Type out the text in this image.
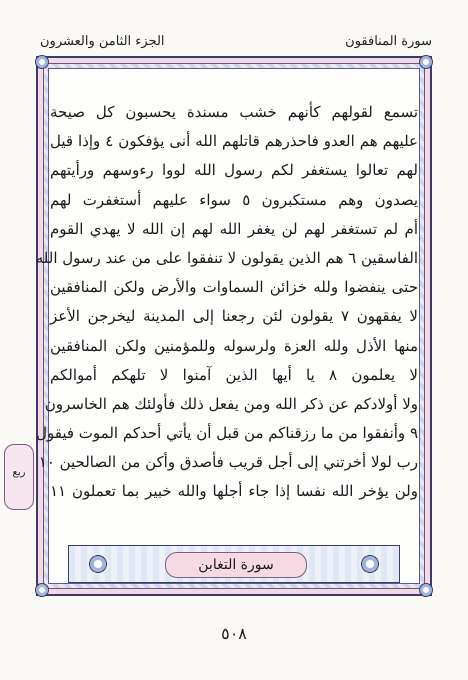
سورة المنافقون
الجزء الثامن والعشرون
تسمع لقولهم كأنهم خشب مسندة يحسبون كل صيحة
عليهم هم العدو فاحذرهم قاتلهم الله أنى يؤفكون ٤ وإذا قيل
لهم تعالوا يستغفر لكم رسول الله لووا رءوسهم ورأيتهم
يصدون وهم مستكبرون ٥ سواء عليهم أستغفرت لهم
أم لم تستغفر لهم لن يغفر الله لهم إن الله لا يهدي القوم
الفاسقين ٦ هم الذين يقولون لا تنفقوا على من عند رسول الله
حتى ينفضوا ولله خزائن السماوات والأرض ولكن المنافقين
لا يفقهون ٧ يقولون لئن رجعنا إلى المدينة ليخرجن الأعز
منها الأذل ولله العزة ولرسوله وللمؤمنين ولكن المنافقين
لا يعلمون ٨ يا أيها الذين آمنوا لا تلهكم أموالكم
ولا أولادكم عن ذكر الله ومن يفعل ذلك فأولئك هم الخاسرون
٩ وأنفقوا من ما رزقناكم من قبل أن يأتي أحدكم الموت فيقول
رب لولا أخرتني إلى أجل قريب فأصدق وأكن من الصالحين ١٠
ولن يؤخر الله نفسا إذا جاء أجلها والله خبير بما تعملون ١١
سورة التغابن
ربع
٥٠٨
